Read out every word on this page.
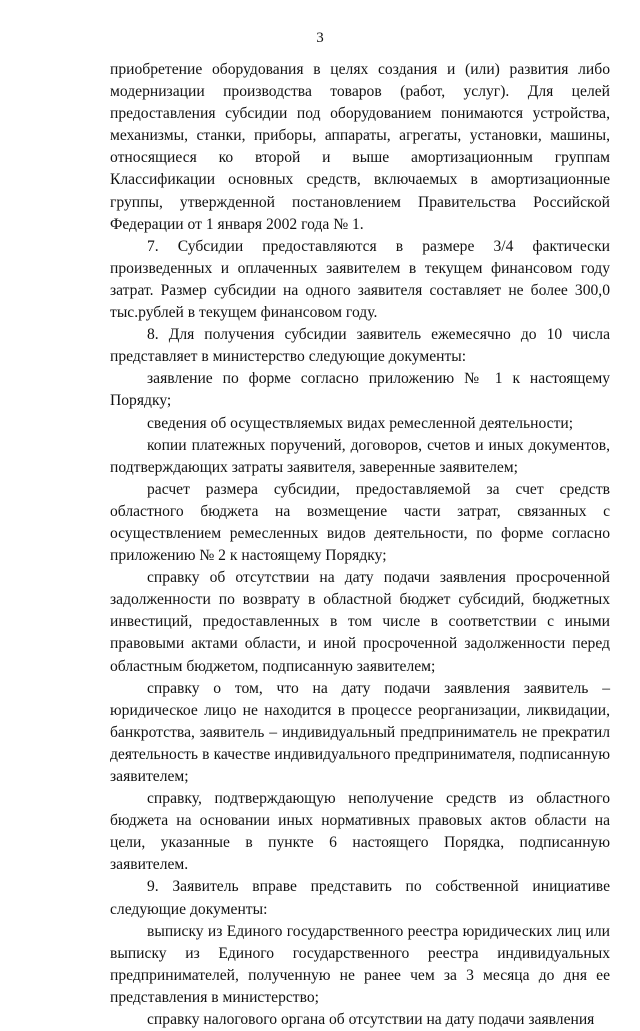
3

приобретение оборудования в целях создания и (или) развития либо модернизации производства товаров (работ, услуг). Для целей предоставления субсидии под оборудованием понимаются устройства, механизмы, станки, приборы, аппараты, агрегаты, установки, машины, относящиеся ко второй и выше амортизационным группам Классификации основных средств, включаемых в амортизационные группы, утвержденной постановлением Правительства Российской Федерации от 1 января 2002 года № 1.

7. Субсидии предоставляются в размере 3/4 фактически произведенных и оплаченных заявителем в текущем финансовом году затрат. Размер субсидии на одного заявителя составляет не более 300,0 тыс.рублей в текущем финансовом году.

8. Для получения субсидии заявитель ежемесячно до 10 числа представляет в министерство следующие документы:

заявление по форме согласно приложению № 1 к настоящему Порядку;

сведения об осуществляемых видах ремесленной деятельности;

копии платежных поручений, договоров, счетов и иных документов, подтверждающих затраты заявителя, заверенные заявителем;

расчет размера субсидии, предоставляемой за счет средств областного бюджета на возмещение части затрат, связанных с осуществлением ремесленных видов деятельности, по форме согласно приложению № 2 к настоящему Порядку;

справку об отсутствии на дату подачи заявления просроченной задолженности по возврату в областной бюджет субсидий, бюджетных инвестиций, предоставленных в том числе в соответствии с иными правовыми актами области, и иной просроченной задолженности перед областным бюджетом, подписанную заявителем;

справку о том, что на дату подачи заявления заявитель – юридическое лицо не находится в процессе реорганизации, ликвидации, банкротства, заявитель – индивидуальный предприниматель не прекратил деятельность в качестве индивидуального предпринимателя, подписанную заявителем;

справку, подтверждающую неполучение средств из областного бюджета на основании иных нормативных правовых актов области на цели, указанные в пункте 6 настоящего Порядка, подписанную заявителем.

9. Заявитель вправе представить по собственной инициативе следующие документы:

выписку из Единого государственного реестра юридических лиц или выписку из Единого государственного реестра индивидуальных предпринимателей, полученную не ранее чем за 3 месяца до дня ее представления в министерство;

справку налогового органа об отсутствии на дату подачи заявления
